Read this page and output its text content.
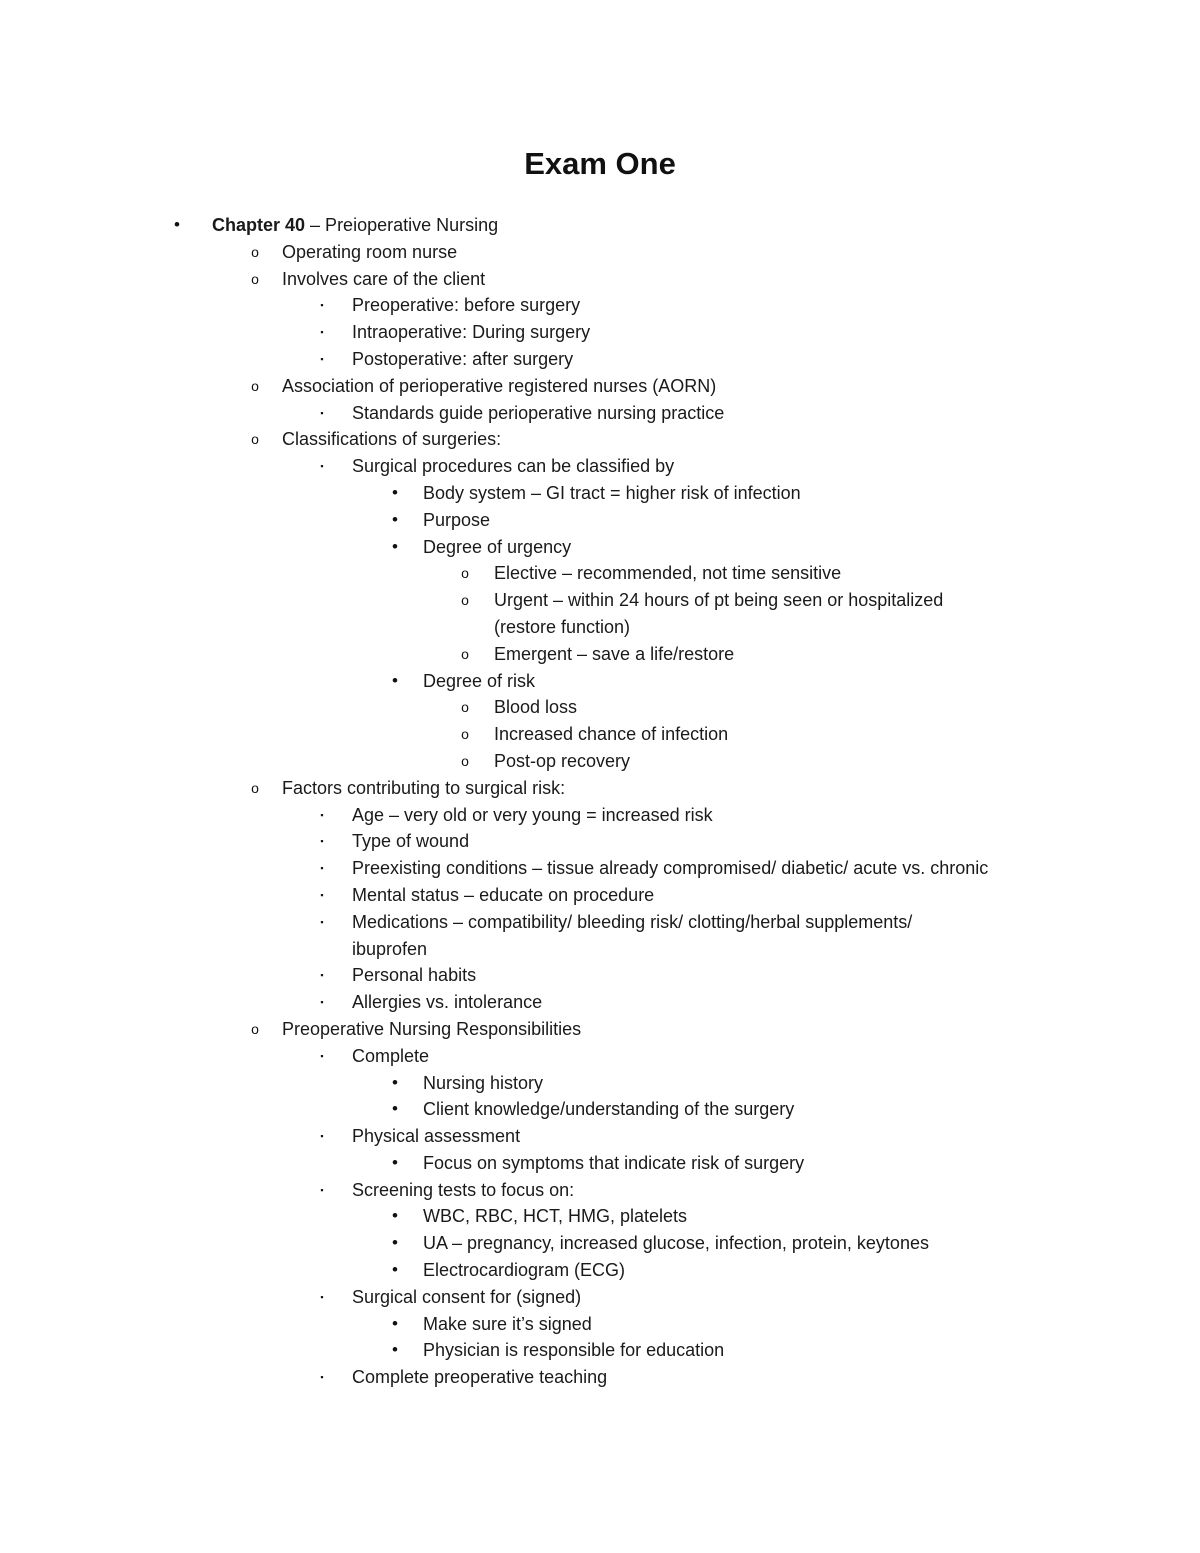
Exam One
•	Chapter 40 – Preioperative Nursing
o	Operating room nurse
o	Involves care of the client
▪	Preoperative: before surgery
▪	Intraoperative: During surgery
▪	Postoperative: after surgery
o	Association of perioperative registered nurses (AORN)
▪	Standards guide perioperative nursing practice
o	Classifications of surgeries:
▪	Surgical procedures can be classified by
•	Body system – GI tract = higher risk of infection
•	Purpose
•	Degree of urgency
o	Elective – recommended, not time sensitive
o	Urgent – within 24 hours of pt being seen or hospitalized
(restore function)
o	Emergent – save a life/restore
•	Degree of risk
o	Blood loss
o	Increased chance of infection
o	Post-op recovery
o	Factors contributing to surgical risk:
▪	Age – very old or very young = increased risk
▪	Type of wound
▪	Preexisting conditions – tissue already compromised/ diabetic/ acute vs. chronic
▪	Mental status – educate on procedure
▪	Medications – compatibility/ bleeding risk/ clotting/herbal supplements/
ibuprofen
▪	Personal habits
▪	Allergies vs. intolerance
o	Preoperative Nursing Responsibilities
▪	Complete
•	Nursing history
•	Client knowledge/understanding of the surgery
▪	Physical assessment
•	Focus on symptoms that indicate risk of surgery
▪	Screening tests to focus on:
•	WBC, RBC, HCT, HMG, platelets
•	UA – pregnancy, increased glucose, infection, protein, keytones
•	Electrocardiogram (ECG)
▪	Surgical consent for (signed)
•	Make sure it’s signed
•	Physician is responsible for education
▪	Complete preoperative teaching
